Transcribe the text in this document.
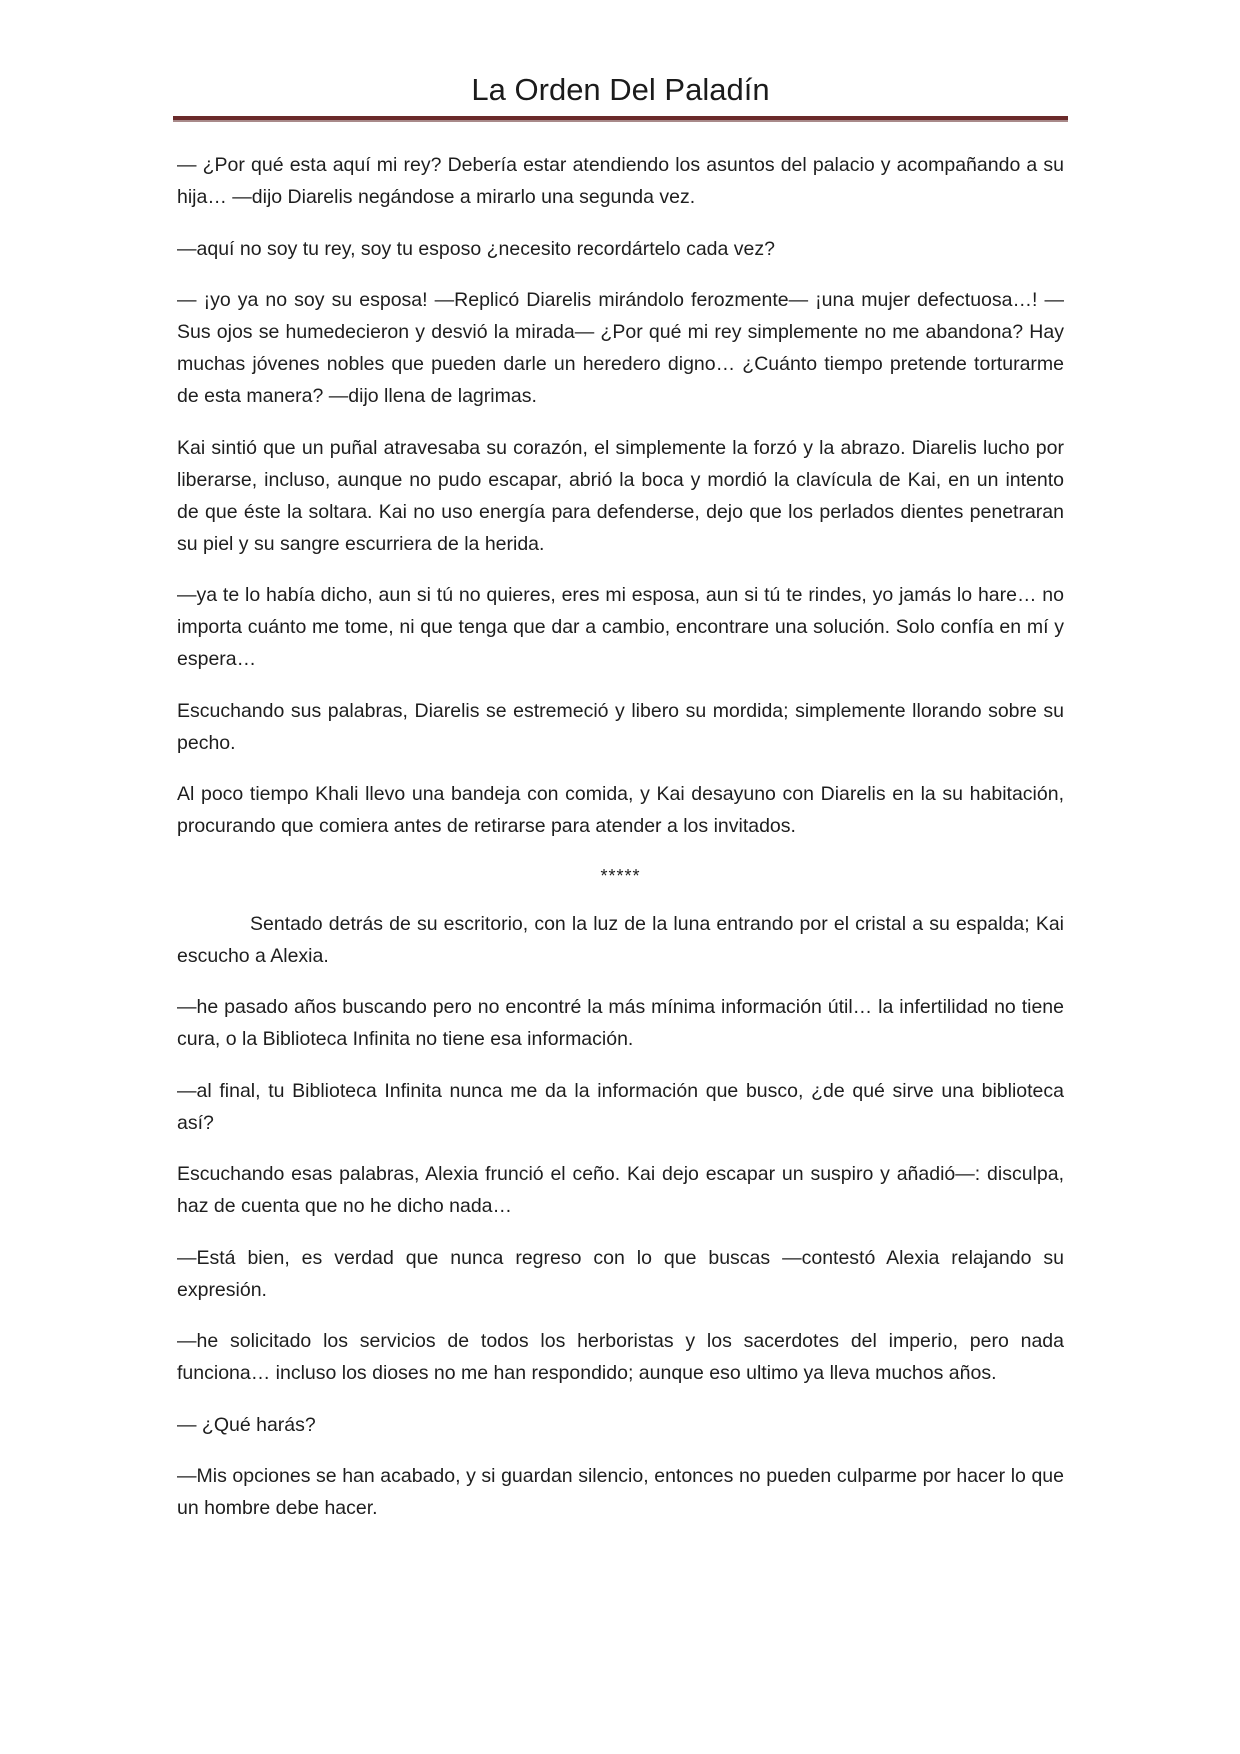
La Orden Del Paladín

— ¿Por qué esta aquí mi rey? Debería estar atendiendo los asuntos del palacio y acompañando a su hija… —dijo Diarelis negándose a mirarlo una segunda vez.

—aquí no soy tu rey, soy tu esposo ¿necesito recordártelo cada vez?

— ¡yo ya no soy su esposa! —Replicó Diarelis mirándolo ferozmente— ¡una mujer defectuosa…! —Sus ojos se humedecieron y desvió la mirada— ¿Por qué mi rey simplemente no me abandona? Hay muchas jóvenes nobles que pueden darle un heredero digno… ¿Cuánto tiempo pretende torturarme de esta manera? —dijo llena de lagrimas.

Kai sintió que un puñal atravesaba su corazón, el simplemente la forzó y la abrazo. Diarelis lucho por liberarse, incluso, aunque no pudo escapar, abrió la boca y mordió la clavícula de Kai, en un intento de que éste la soltara. Kai no uso energía para defenderse, dejo que los perlados dientes penetraran su piel y su sangre escurriera de la herida.

—ya te lo había dicho, aun si tú no quieres, eres mi esposa, aun si tú te rindes, yo jamás lo hare… no importa cuánto me tome, ni que tenga que dar a cambio, encontrare una solución. Solo confía en mí y espera…

Escuchando sus palabras, Diarelis se estremeció y libero su mordida; simplemente llorando sobre su pecho.

Al poco tiempo Khali llevo una bandeja con comida, y Kai desayuno con Diarelis en la su habitación, procurando que comiera antes de retirarse para atender a los invitados.

*****

Sentado detrás de su escritorio, con la luz de la luna entrando por el cristal a su espalda; Kai escucho a Alexia.

—he pasado años buscando pero no encontré la más mínima información útil… la infertilidad no tiene cura, o la Biblioteca Infinita no tiene esa información.

—al final, tu Biblioteca Infinita nunca me da la información que busco, ¿de qué sirve una biblioteca así?

Escuchando esas palabras, Alexia frunció el ceño. Kai dejo escapar un suspiro y añadió—: disculpa, haz de cuenta que no he dicho nada…

—Está bien, es verdad que nunca regreso con lo que buscas —contestó Alexia relajando su expresión.

—he solicitado los servicios de todos los herboristas y los sacerdotes del imperio, pero nada funciona… incluso los dioses no me han respondido; aunque eso ultimo ya lleva muchos años.

— ¿Qué harás?

—Mis opciones se han acabado, y si guardan silencio, entonces no pueden culparme por hacer lo que un hombre debe hacer.
